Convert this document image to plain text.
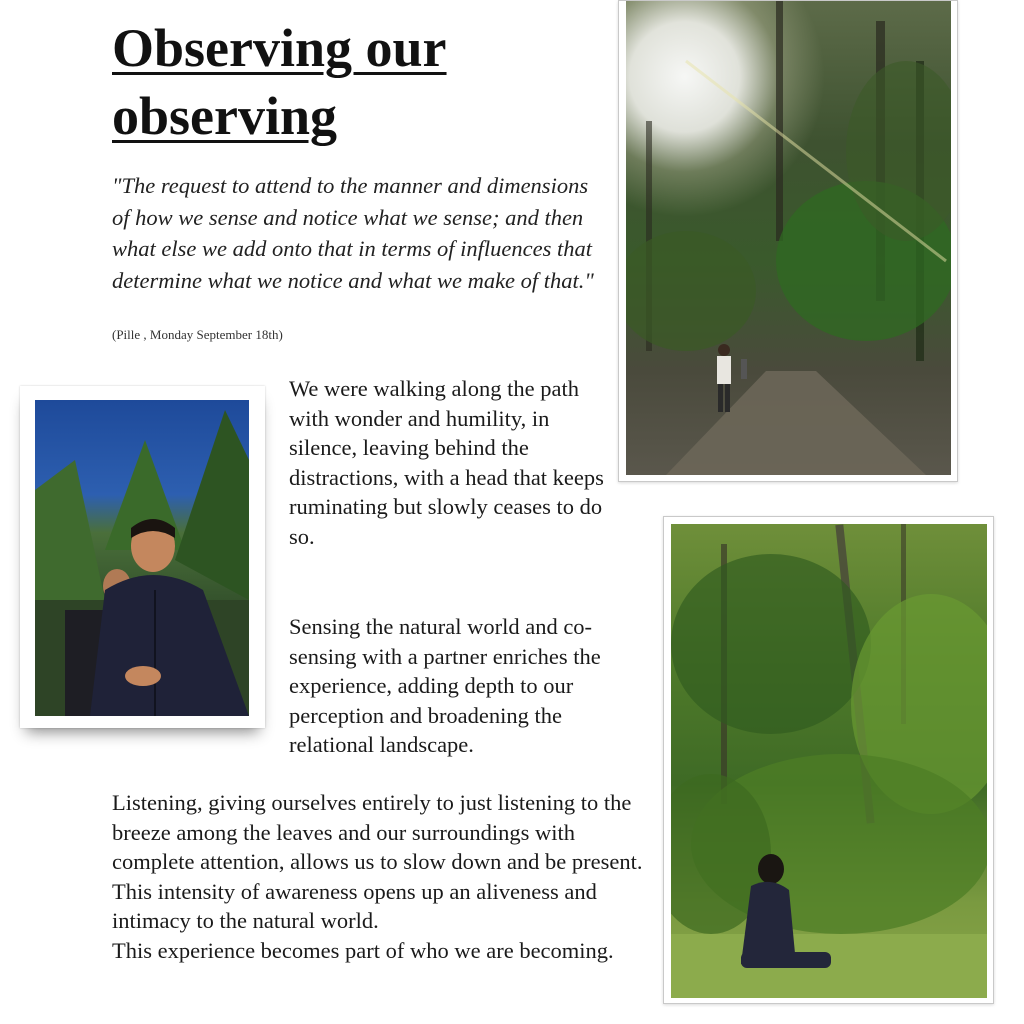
Observing our
observing

"The request to attend to the manner and dimensions of how we sense and notice what we sense; and then what else we add onto that in terms of influences that determine what we notice and what we make of that."

(Pille , Monday September 18th)

We were walking along the path with wonder and humility, in silence, leaving behind the distractions, with a head that keeps ruminating but slowly ceases to do so.

Sensing the natural world and co-sensing with a partner enriches the experience, adding depth to our perception and broadening the relational landscape.

Listening, giving ourselves entirely to just listening to the breeze among the leaves and our surroundings with complete attention, allows us to slow down and be present. This intensity of awareness opens up an aliveness and intimacy to the natural world.
This experience becomes part of who we are becoming.
